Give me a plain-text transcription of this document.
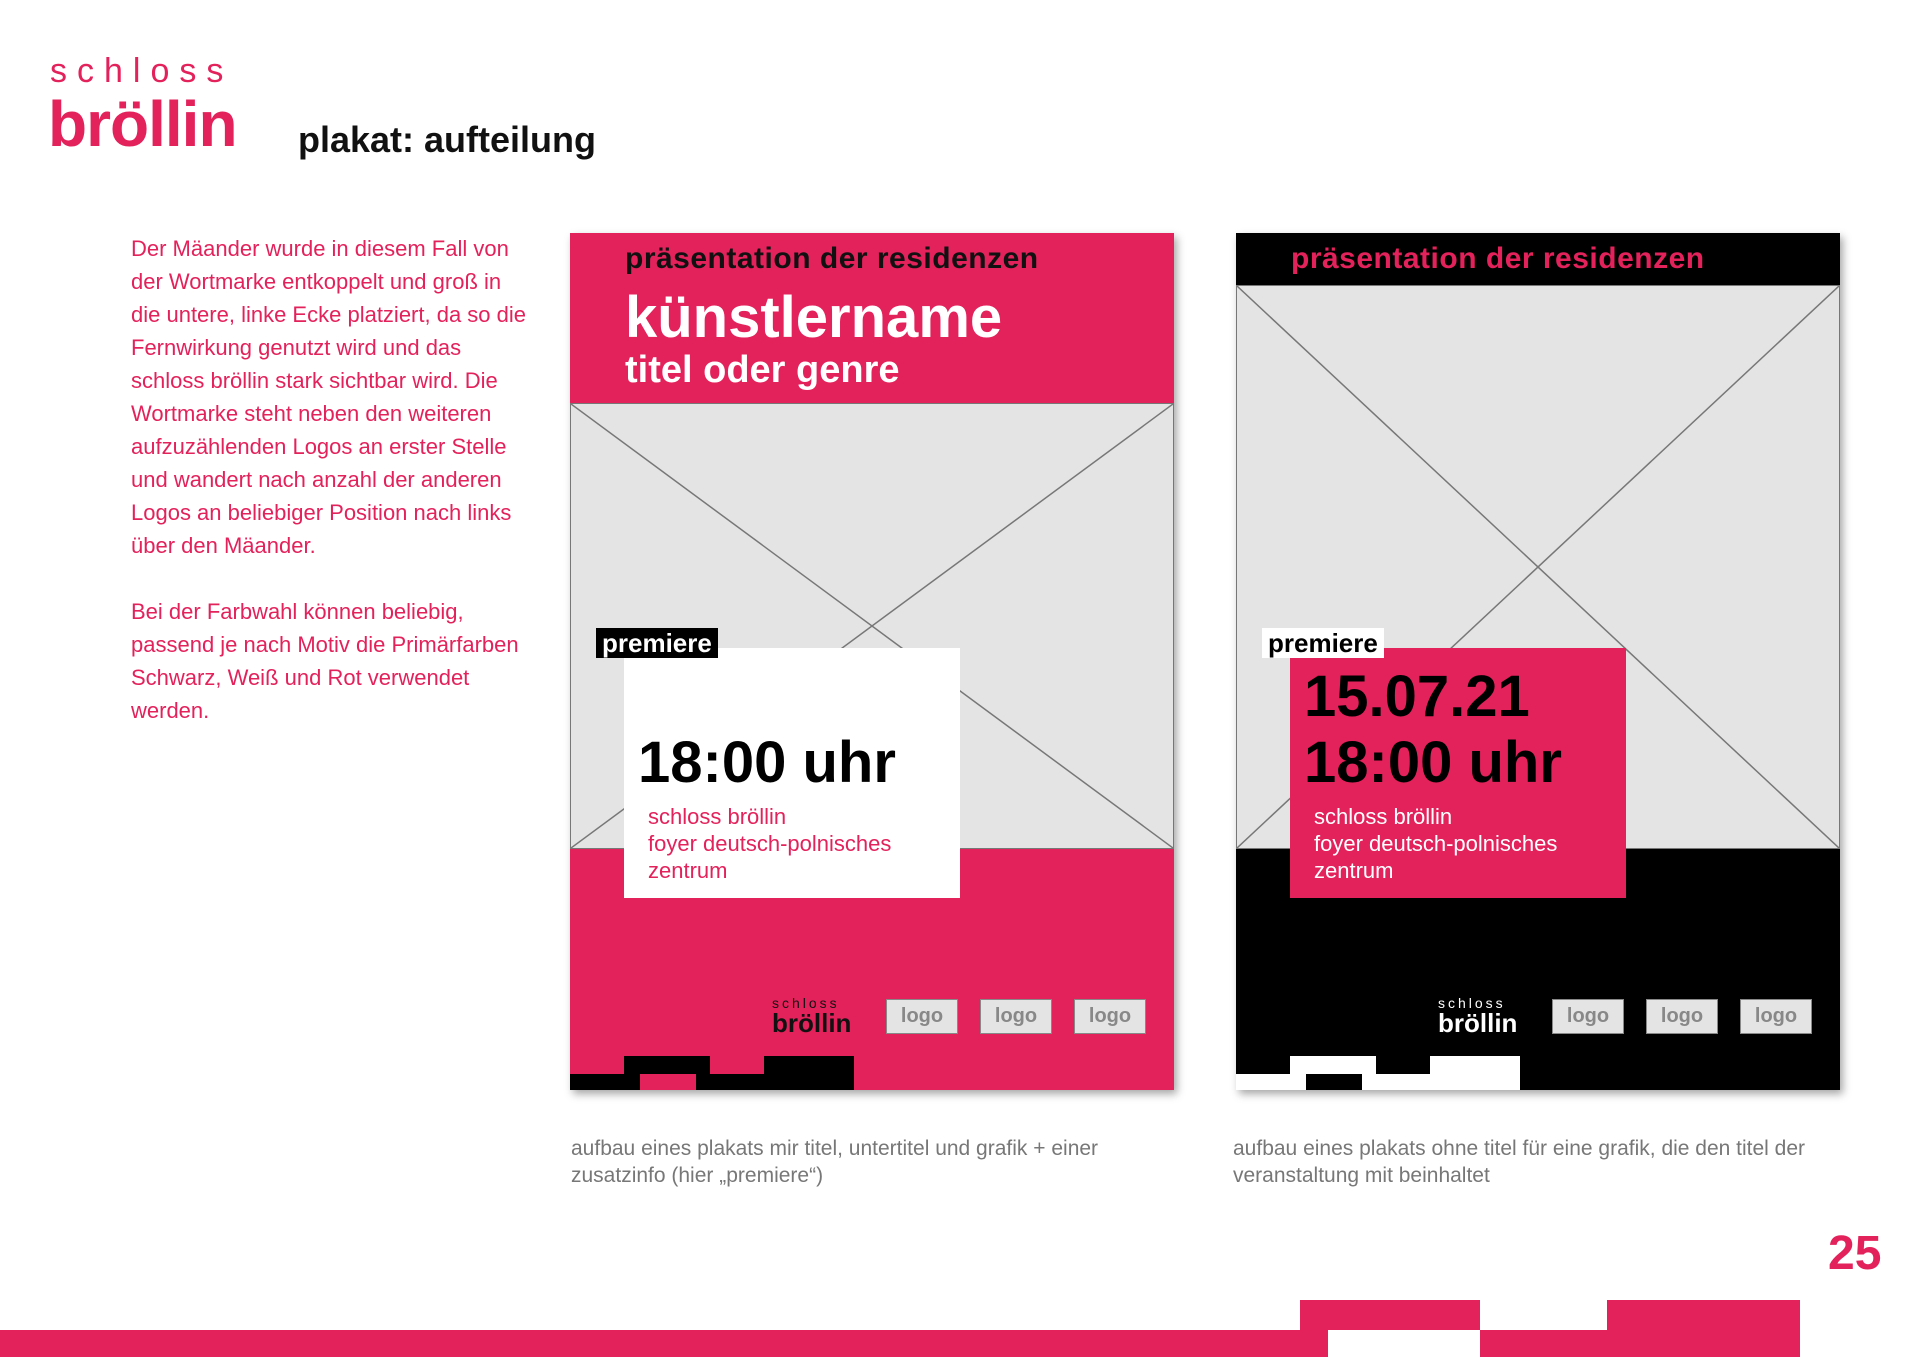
schloss
bröllin plakat: aufteilung

Der Mäander wurde in diesem Fall von der Wortmarke entkoppelt und groß in die untere, linke Ecke platziert, da so die Fernwirkung genutzt wird und das schloss bröllin stark sichtbar wird. Die Wortmarke steht neben den weiteren aufzuzählenden Logos an erster Stelle und wandert nach anzahl der anderen Logos an beliebiger Position nach links über den Mäander.

Bei der Farbwahl können beliebig, passend je nach Motiv die Primärfarben Schwarz, Weiß und Rot verwendet werden.

präsentation der residenzen
künstlername
titel oder genre
18:00 uhr
schloss bröllin
foyer deutsch-polnisches
zentrum
premiere
schloss
bröllin	logo	logo	logo
präsentation der residenzen
15.07.21
18:00 uhr
schloss bröllin
foyer deutsch-polnisches
zentrum
premiere
schloss
bröllin	logo	logo	logo
aufbau eines plakats mir titel, untertitel und grafik + einer zusatzinfo (hier „premiere“)
aufbau eines plakats ohne titel für eine grafik, die den titel der veranstaltung mit beinhaltet
25
